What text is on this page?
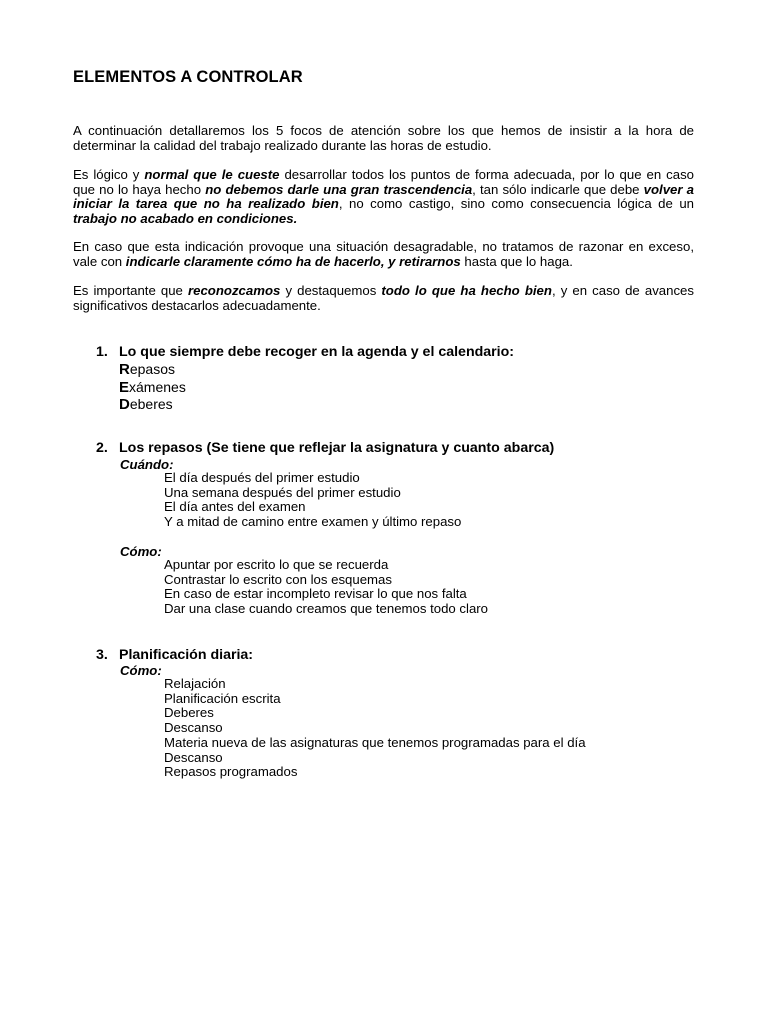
ELEMENTOS A CONTROLAR

A continuación detallaremos los 5 focos de atención sobre los que hemos de insistir a la hora de determinar la calidad del trabajo realizado durante las horas de estudio.

Es lógico y normal que le cueste desarrollar todos los puntos de forma adecuada, por lo que en caso que no lo haya hecho no debemos darle una gran trascendencia, tan sólo indicarle que debe volver a iniciar la tarea que no ha realizado bien, no como castigo, sino como consecuencia lógica de un trabajo no acabado en condiciones.

En caso que esta indicación provoque una situación desagradable, no tratamos de razonar en exceso, vale con indicarle claramente cómo ha de hacerlo, y retirarnos hasta que lo haga.

Es importante que reconozcamos y destaquemos todo lo que ha hecho bien, y en caso de avances significativos destacarlos adecuadamente.

1. Lo que siempre debe recoger en la agenda y el calendario:
Repasos
Exámenes
Deberes
2. Los repasos (Se tiene que reflejar la asignatura y cuanto abarca)
Cuándo:
El día después del primer estudio
Una semana después del primer estudio
El día antes del examen
Y a mitad de camino entre examen y último repaso
Cómo:
Apuntar por escrito lo que se recuerda
Contrastar lo escrito con los esquemas
En caso de estar incompleto revisar lo que nos falta
Dar una clase cuando creamos que tenemos todo claro
3. Planificación diaria:
Cómo:
Relajación
Planificación escrita
Deberes
Descanso
Materia nueva de las asignaturas que tenemos programadas para el día
Descanso
Repasos programados
